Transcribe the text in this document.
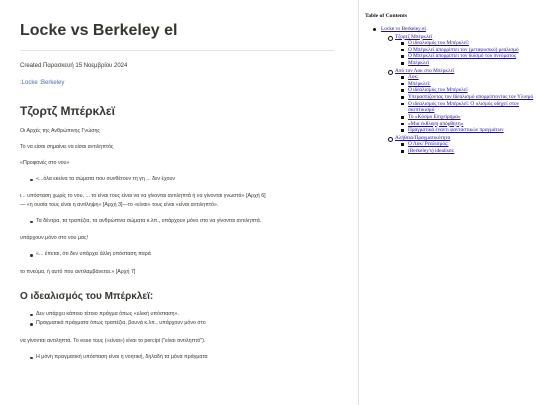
Locke vs Berkeley el
Created Παρασκευή 15 Νοεμβρίου 2024
:Locke :Berkeley
Τζορτζ Μπέρκλεϊ
Οι Αρχές της Ανθρώπινης Γνώσης
Το να είσαι σημαίνει να είσαι αντιληπτός
«Προφανές στο νου»
«...όλα εκείνα τα σώματα που συνθέτουν τη γη ... δεν έχουν
ι... υπόσταση χωρίς το νου, ... το είναι τους είναι να να γίνονται αντιληπτά ή να γίνονται γνωστά» [Αρχή 6]
— «η ουσία τους είναι η αντίληψη» [Αρχή 3]—το «είναι» τους είναι «είναι αντιληπτό».
Τα δέντρα, τα τραπέζια, τα ανθρώπινα σώματα κ.λπ., υπάρχουν μόνο στο να γίνονται αντιληπτά.
υπάρχουν μόνο στο νου μας!
«... έπεται, ότι δεν υπάρχει άλλη υπόσταση παρά
το πνεύμα, ή αυτό που αντιλαμβάνεται.» [Αρχή 7]
Ο ιδεαλισμός του Μπέρκλεϊ:
Δεν υπάρχει κάποιο τέτοιο πράγμα όπως «υλική υπόσταση».
Πραγματικά πράγματα όπως τραπέζια, βουνά κ.λπ., υπάρχουν μόνο στο
να γίνονται αντιληπτά. Το esse τους («είναι») είναι το percipi ("είναι αντιληπτό").
Η μόνη πραγματική υπόσταση είναι η νοητική, δηλαδή τα μόνα πράγματα
Table of Contents
Locke vs Berkeley el
Τζορτζ Μπέρκλεϊ
Ο ιδεαλισμός του Μπέρκλεϊ:
Ο Μπέρκλεϊ απορρίπτει τον (μεταφυσικό) ρεαλισμό
Ο Μπέρκλεϊ απορρίπτει τον δυϊσμό του πνεύματος
Μπέρκλεϊ
Από τον Λοκ στο Μπέρκλεϊ
Λοκ:
Μπέρκλεϊ:
Ο ιδεαλισμός του Μπέρκλεϊ
Υπερασπίζοντας τον Ιδεαλισμό απορρίπτοντας τον Υλισμό
Ο ιδεαλισμός του Μπέρκλεϊ: Ο υλισμός οδηγεί στον σκεπτικισμό
Το «Κόσμο Επιχείρημα»
«Μια έκθλιψη απόρθητη»
Πραγματικά έναντι φανταστικών πραγμάτων
Αλήθεια/Πραγματικότητα
Ο Λοκ/ Ρεαλισμός:
(Berkeley's) idealism:
